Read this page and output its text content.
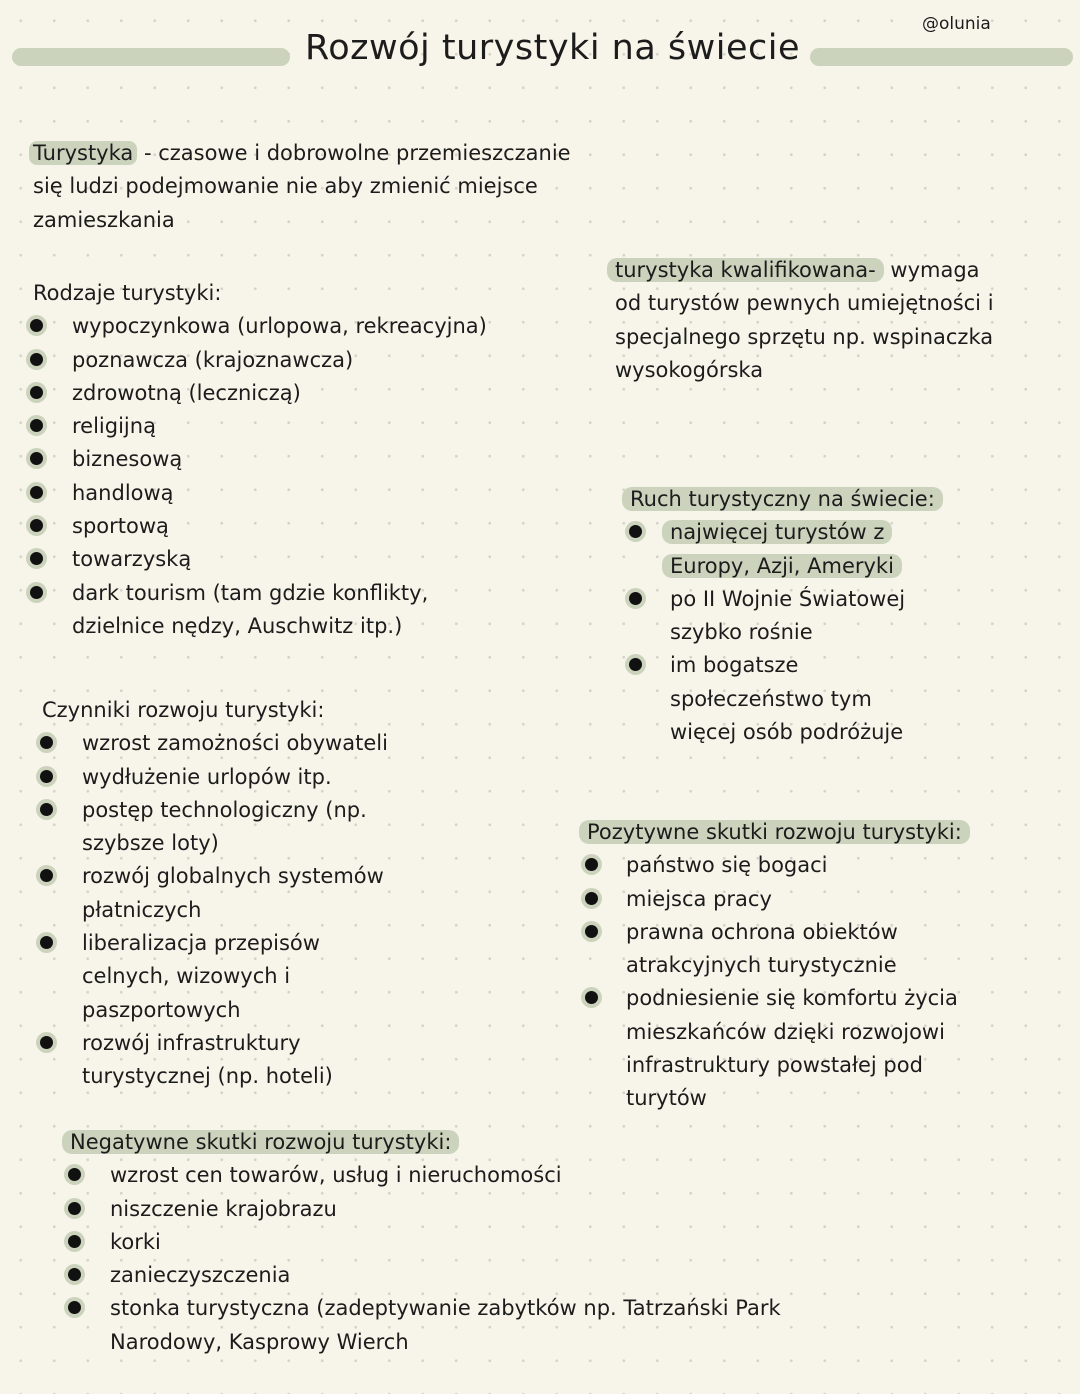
Rozwój turystyki na świecie
@olunia
Turystyka - czasowe i dobrowolne przemieszczanie
się ludzi podejmowanie nie aby zmienić miejsce
zamieszkania
Rodzaje turystyki:
wypoczynkowa (urlopowa, rekreacyjna)
poznawcza (krajoznawcza)
zdrowotną (leczniczą)
religijną
biznesową
handlową
sportową
towarzyską
dark tourism (tam gdzie konflikty,
dzielnice nędzy, Auschwitz itp.)
turystyka kwalifikowana- wymaga
od turystów pewnych umiejętności i
specjalnego sprzętu np. wspinaczka
wysokogórska
Ruch turystyczny na świecie:
najwięcej turystów z
Europy, Azji, Ameryki
po II Wojnie Światowej
szybko rośnie
im bogatsze
społeczeństwo tym
więcej osób podróżuje
Czynniki rozwoju turystyki:
wzrost zamożności obywateli
wydłużenie urlopów itp.
postęp technologiczny (np.
szybsze loty)
rozwój globalnych systemów
płatniczych
liberalizacja przepisów
celnych, wizowych i
paszportowych
rozwój infrastruktury
turystycznej (np. hoteli)
Pozytywne skutki rozwoju turystyki:
państwo się bogaci
miejsca pracy
prawna ochrona obiektów
atrakcyjnych turystycznie
podniesienie się komfortu życia
mieszkańców dzięki rozwojowi
infrastruktury powstałej pod
turytów
Negatywne skutki rozwoju turystyki:
wzrost cen towarów, usług i nieruchomości
niszczenie krajobrazu
korki
zanieczyszczenia
stonka turystyczna (zadeptywanie zabytków np. Tatrzański Park
Narodowy, Kasprowy Wierch
